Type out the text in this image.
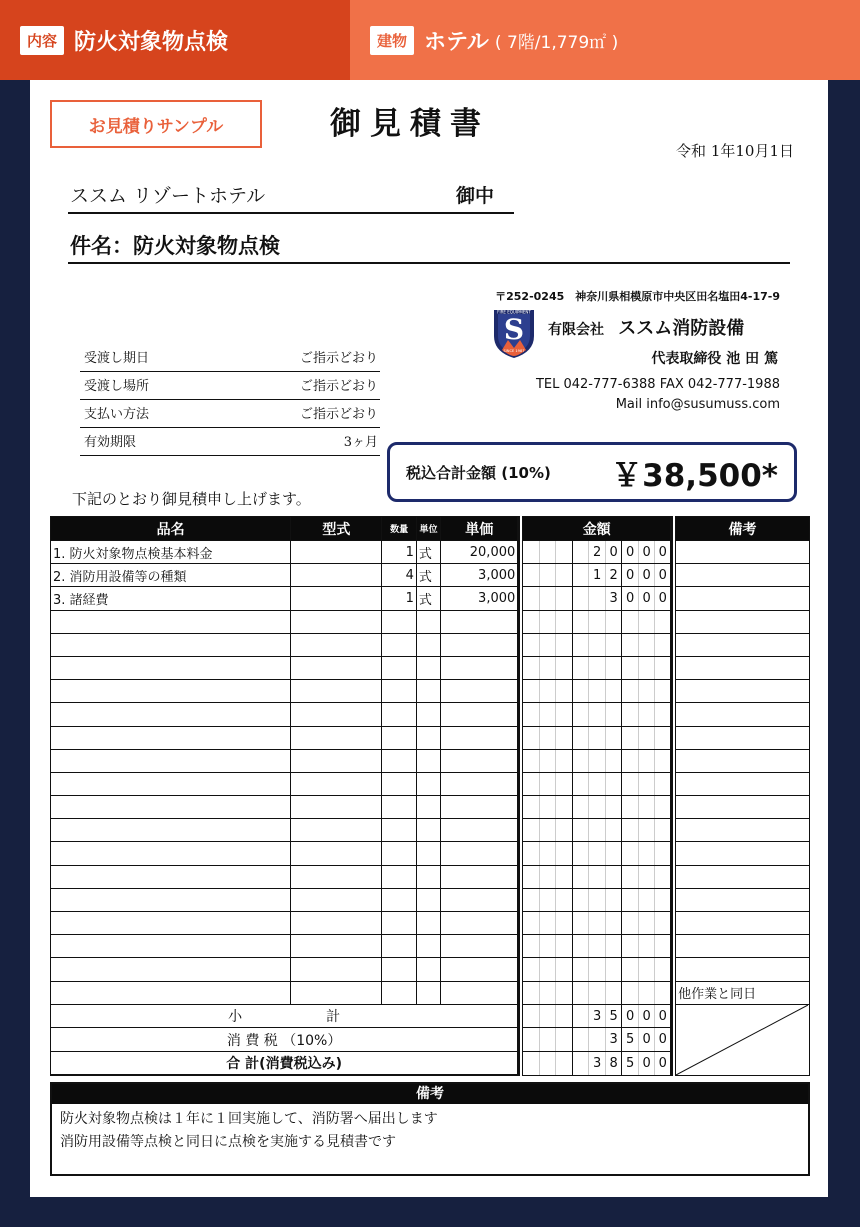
内容 防火対象物点検	建物 ホテル ( 7階/1,779㎡ )
お見積りサンプル	御見積書
令和 1年10月1日
ススム リゾートホテル	御中
件名：防火対象物点検
〒252-0245　神奈川県相模原市中央区田名塩田4-17-9
S
FIRE EQUIPMENT
SINCE 1987
有限会社 ススム消防設備
代表取締役 池 田 篤
TEL 042-777-6388 FAX 042-777-1988
Mail info@susumuss.com
受渡し期日	ご指示どおり
受渡し場所	ご指示どおり
支払い方法	ご指示どおり
有効期限	3ヶ月
税込合計金額 (10%) ￥38,500*
下記のとおり御見積申し上げます。
品名	型式	数量	単位	単価		金額										備考
1. 防火対象物点検基本料金		1	式	20,000						2	0	0	0	0		
2. 消防用設備等の種類		4	式	3,000						1	2	0	0	0		
3. 諸経費		1	式	3,000							3	0	0	0		

																他作業と同日
小　　　　　　計										3	5	0	0	0		

消 費 税 （10%）											3	5	0	0		
合 計(消費税込み)										3	8	5	0	0		
備考
防火対象物点検は１年に１回実施して、消防署へ届出します
消防用設備等点検と同日に点検を実施する見積書です
